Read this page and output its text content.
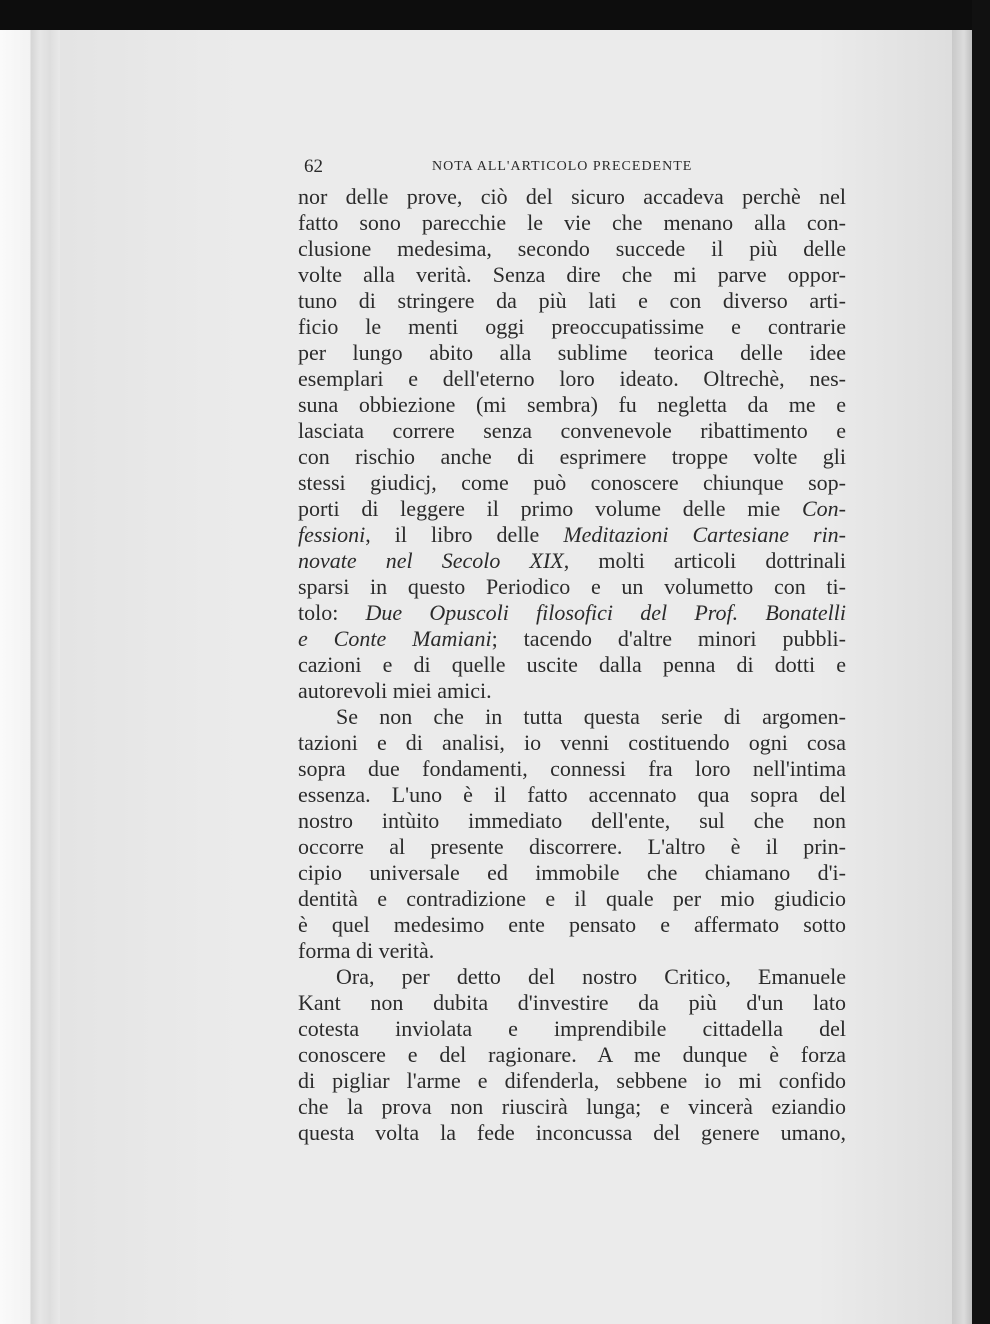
62	NOTA ALL'ARTICOLO PRECEDENTE
nor delle prove, ciò del sicuro accadeva perchè nel
fatto sono parecchie le vie che menano alla con-
clusione medesima, secondo succede il più delle
volte alla verità. Senza dire che mi parve oppor-
tuno di stringere da più lati e con diverso arti-
ficio le menti oggi preoccupatissime e contrarie
per lungo abito alla sublime teorica delle idee
esemplari e dell'eterno loro ideato. Oltrechè, nes-
suna obbiezione (mi sembra) fu negletta da me e
lasciata correre senza convenevole ribattimento e
con rischio anche di esprimere troppe volte gli
stessi giudicj, come può conoscere chiunque sop-
porti di leggere il primo volume delle mie Con-
fessioni, il libro delle Meditazioni Cartesiane rin-
novate nel Secolo XIX, molti articoli dottrinali
sparsi in questo Periodico e un volumetto con ti-
tolo: Due Opuscoli filosofici del Prof. Bonatelli
e Conte Mamiani; tacendo d'altre minori pubbli-
cazioni e di quelle uscite dalla penna di dotti e
autorevoli miei amici.
Se non che in tutta questa serie di argomen-
tazioni e di analisi, io venni costituendo ogni cosa
sopra due fondamenti, connessi fra loro nell'intima
essenza. L'uno è il fatto accennato qua sopra del
nostro intùito immediato dell'ente, sul che non
occorre al presente discorrere. L'altro è il prin-
cipio universale ed immobile che chiamano d'i-
dentità e contradizione e il quale per mio giudicio
è quel medesimo ente pensato e affermato sotto
forma di verità.
Ora, per detto del nostro Critico, Emanuele
Kant non dubita d'investire da più d'un lato
cotesta inviolata e imprendibile cittadella del
conoscere e del ragionare. A me dunque è forza
di pigliar l'arme e difenderla, sebbene io mi confido
che la prova non riuscirà lunga; e vincerà eziandio
questa volta la fede inconcussa del genere umano,
